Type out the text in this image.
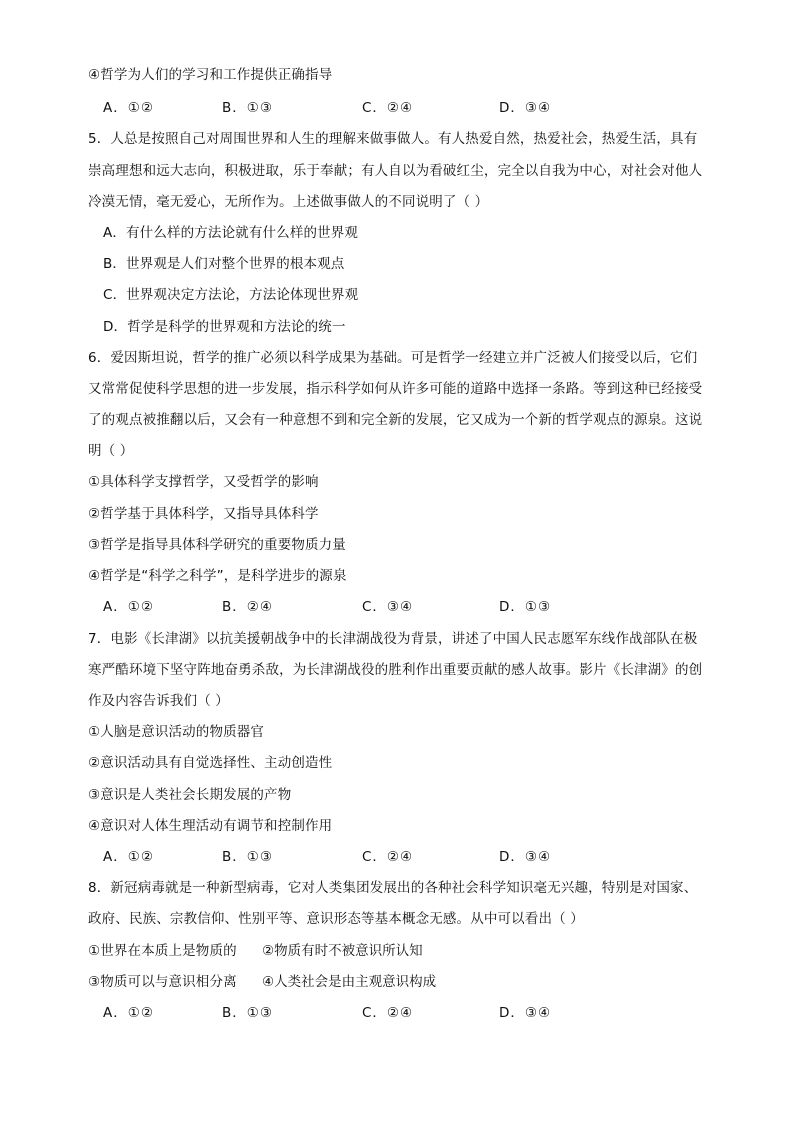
④哲学为人们的学习和工作提供正确指导
A．①②	B．①③	C．②④	D．③④
5．人总是按照自己对周围世界和人生的理解来做事做人。有人热爱自然，热爱社会，热爱生活，具有
崇高理想和远大志向，积极进取，乐于奉献；有人自以为看破红尘，完全以自我为中心，对社会对他人
冷漠无情，毫无爱心，无所作为。上述做事做人的不同说明了（ ）
A．有什么样的方法论就有什么样的世界观
B．世界观是人们对整个世界的根本观点
C．世界观决定方法论，方法论体现世界观
D．哲学是科学的世界观和方法论的统一
6．爱因斯坦说，哲学的推广必须以科学成果为基础。可是哲学一经建立并广泛被人们接受以后，它们
又常常促使科学思想的进一步发展，指示科学如何从许多可能的道路中选择一条路。等到这种已经接受
了的观点被推翻以后，又会有一种意想不到和完全新的发展，它又成为一个新的哲学观点的源泉。这说
明（ ）
①具体科学支撑哲学，又受哲学的影响
②哲学基于具体科学，又指导具体科学
③哲学是指导具体科学研究的重要物质力量
④哲学是“科学之科学”，是科学进步的源泉
A．①②	B．②④	C．③④	D．①③
7．电影《长津湖》以抗美援朝战争中的长津湖战役为背景，讲述了中国人民志愿军东线作战部队在极
寒严酷环境下坚守阵地奋勇杀敌，为长津湖战役的胜利作出重要贡献的感人故事。影片《长津湖》的创
作及内容告诉我们（ ）
①人脑是意识活动的物质器官
②意识活动具有自觉选择性、主动创造性
③意识是人类社会长期发展的产物
④意识对人体生理活动有调节和控制作用
A．①②	B．①③	C．②④	D．③④
8．新冠病毒就是一种新型病毒，它对人类集团发展出的各种社会科学知识毫无兴趣，特别是对国家、
政府、民族、宗教信仰、性别平等、意识形态等基本概念无感。从中可以看出（ ）
①世界在本质上是物质的 ②物质有时不被意识所认知
③物质可以与意识相分离 ④人类社会是由主观意识构成
A．①②	B．①③	C．②④	D．③④
